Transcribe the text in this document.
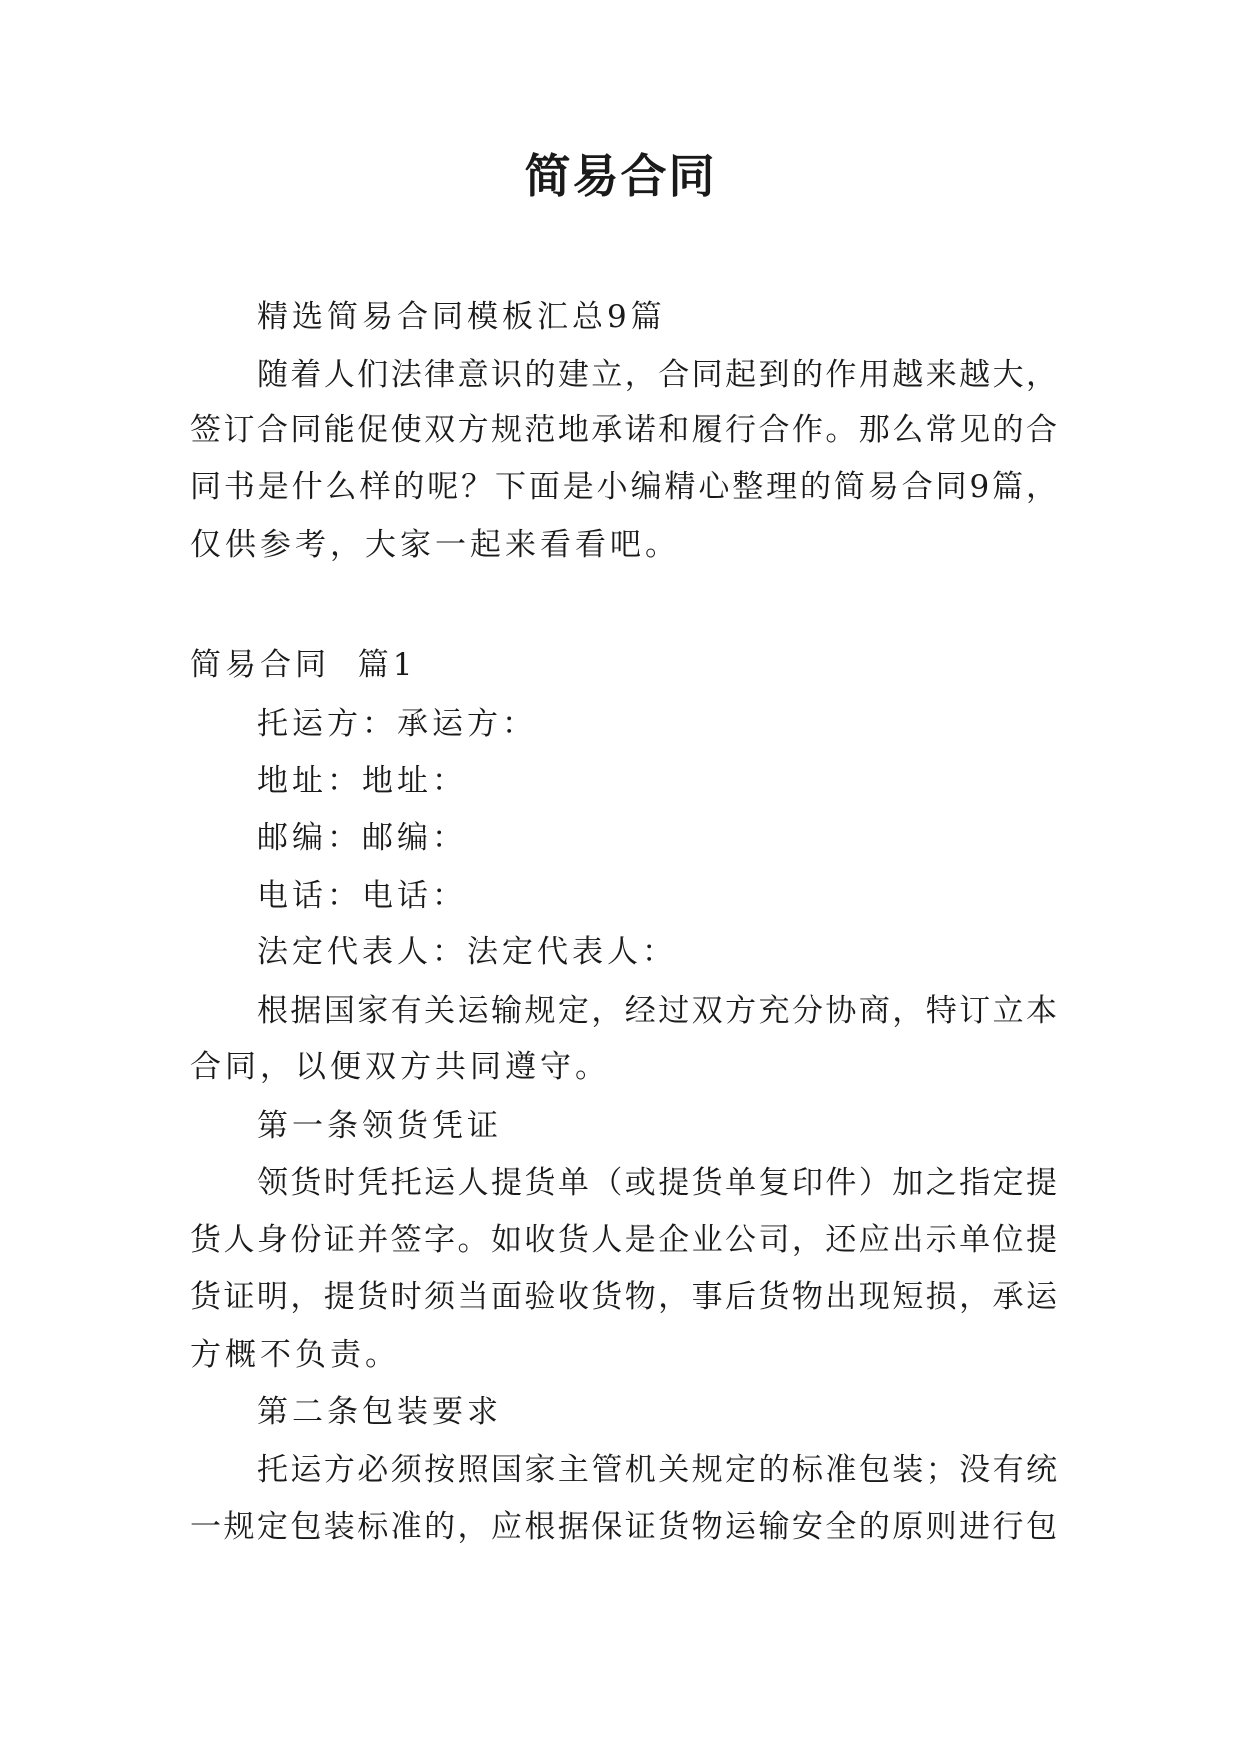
简易合同
精选简易合同模板汇总9篇
随着人们法律意识的建立，合同起到的作用越来越大，
签订合同能促使双方规范地承诺和履行合作。那么常见的合
同书是什么样的呢？下面是小编精心整理的简易合同9篇，
仅供参考，大家一起来看看吧。
简易合同  篇1
托运方：承运方：
地址：地址：
邮编：邮编：
电话：电话：
法定代表人：法定代表人：
根据国家有关运输规定，经过双方充分协商，特订立本
合同，以便双方共同遵守。
第一条领货凭证
领货时凭托运人提货单（或提货单复印件）加之指定提
货人身份证并签字。如收货人是企业公司，还应出示单位提
货证明，提货时须当面验收货物，事后货物出现短损，承运
方概不负责。
第二条包装要求
托运方必须按照国家主管机关规定的标准包装；没有统
一规定包装标准的，应根据保证货物运输安全的原则进行包
